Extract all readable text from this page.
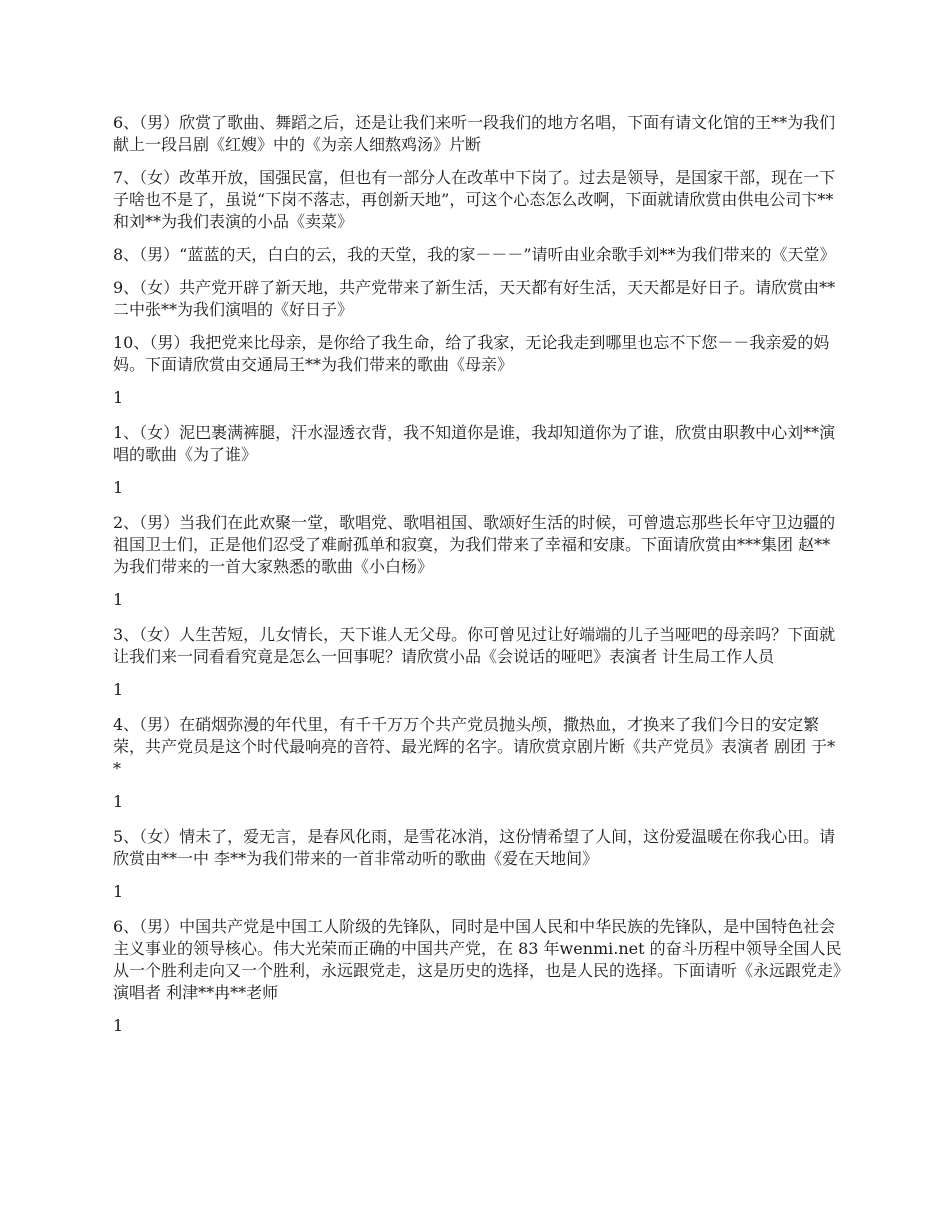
6、（男）欣赏了歌曲、舞蹈之后，还是让我们来听一段我们的地方名唱，下面有请文化馆的王**为我们献上一段吕剧《红嫂》中的《为亲人细熬鸡汤》片断

7、（女）改革开放，国强民富，但也有一部分人在改革中下岗了。过去是领导，是国家干部，现在一下子啥也不是了，虽说“下岗不落志，再创新天地”，可这个心态怎么改啊，下面就请欣赏由供电公司卞**和刘**为我们表演的小品《卖菜》

8、（男）“蓝蓝的天，白白的云，我的天堂，我的家－－－”请听由业余歌手刘**为我们带来的《天堂》

9、（女）共产党开辟了新天地，共产党带来了新生活，天天都有好生活，天天都是好日子。请欣赏由**二中张**为我们演唱的《好日子》

10、（男）我把党来比母亲，是你给了我生命，给了我家，无论我走到哪里也忘不下您－－我亲爱的妈妈。下面请欣赏由交通局王**为我们带来的歌曲《母亲》

1

1、（女）泥巴裹满裤腿，汗水湿透衣背，我不知道你是谁，我却知道你为了谁，欣赏由职教中心刘**演唱的歌曲《为了谁》

1

2、（男）当我们在此欢聚一堂，歌唱党、歌唱祖国、歌颂好生活的时候，可曾遗忘那些长年守卫边疆的祖国卫士们，正是他们忍受了难耐孤单和寂寞，为我们带来了幸福和安康。下面请欣赏由***集团 赵**为我们带来的一首大家熟悉的歌曲《小白杨》

1

3、（女）人生苦短，儿女情长，天下谁人无父母。你可曾见过让好端端的儿子当哑吧的母亲吗？下面就让我们来一同看看究竟是怎么一回事呢？请欣赏小品《会说话的哑吧》表演者 计生局工作人员

1

4、（男）在硝烟弥漫的年代里，有千千万万个共产党员抛头颅，撒热血，才换来了我们今日的安定繁荣，共产党员是这个时代最响亮的音符、最光辉的名字。请欣赏京剧片断《共产党员》表演者 剧团 于**

1

5、（女）情未了，爱无言，是春风化雨，是雪花冰消，这份情希望了人间，这份爱温暖在你我心田。请欣赏由**一中 李**为我们带来的一首非常动听的歌曲《爱在天地间》

1

6、（男）中国共产党是中国工人阶级的先锋队，同时是中国人民和中华民族的先锋队，是中国特色社会主义事业的领导核心。伟大光荣而正确的中国共产党，在 83 年wenmi.net 的奋斗历程中领导全国人民从一个胜利走向又一个胜利，永远跟党走，这是历史的选择，也是人民的选择。下面请听《永远跟党走》演唱者 利津**冉**老师

1
